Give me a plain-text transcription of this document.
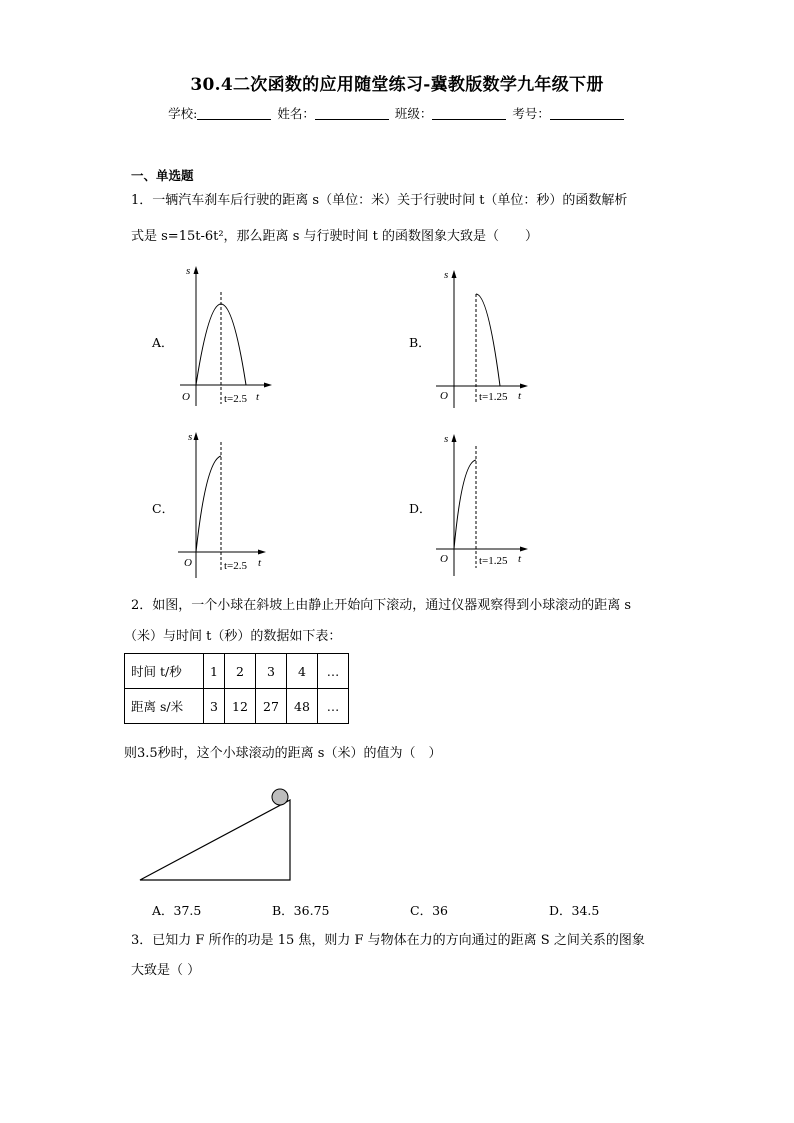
30.4二次函数的应用随堂练习-冀教版数学九年级下册
学校:	姓名：	班级：	考号：
一、单选题
1．一辆汽车刹车后行驶的距离 s（单位：米）关于行驶时间 t（单位：秒）的函数解析
式是 s=15t-6t²，那么距离 s 与行驶时间 t 的函数图象大致是（　　）
A．
s
O	t=2.5 t
B．
s
O	t=1.25 t
C．
s
O	t=2.5 t
D．
s
O	t=1.25 t
2．如图，一个小球在斜坡上由静止开始向下滚动，通过仪器观察得到小球滚动的距离 s
（米）与时间 t（秒）的数据如下表：
时间 t/秒	1	2	3	4	…
距离 s/米	3	12	27	48	…
则3.5秒时，这个小球滚动的距离 s（米）的值为（　）
A．37.5	B．36.75	C．36	D．34.5
3．已知力 F 所作的功是 15 焦，则力 F 与物体在力的方向通过的距离 S 之间关系的图象
大致是（ ）
